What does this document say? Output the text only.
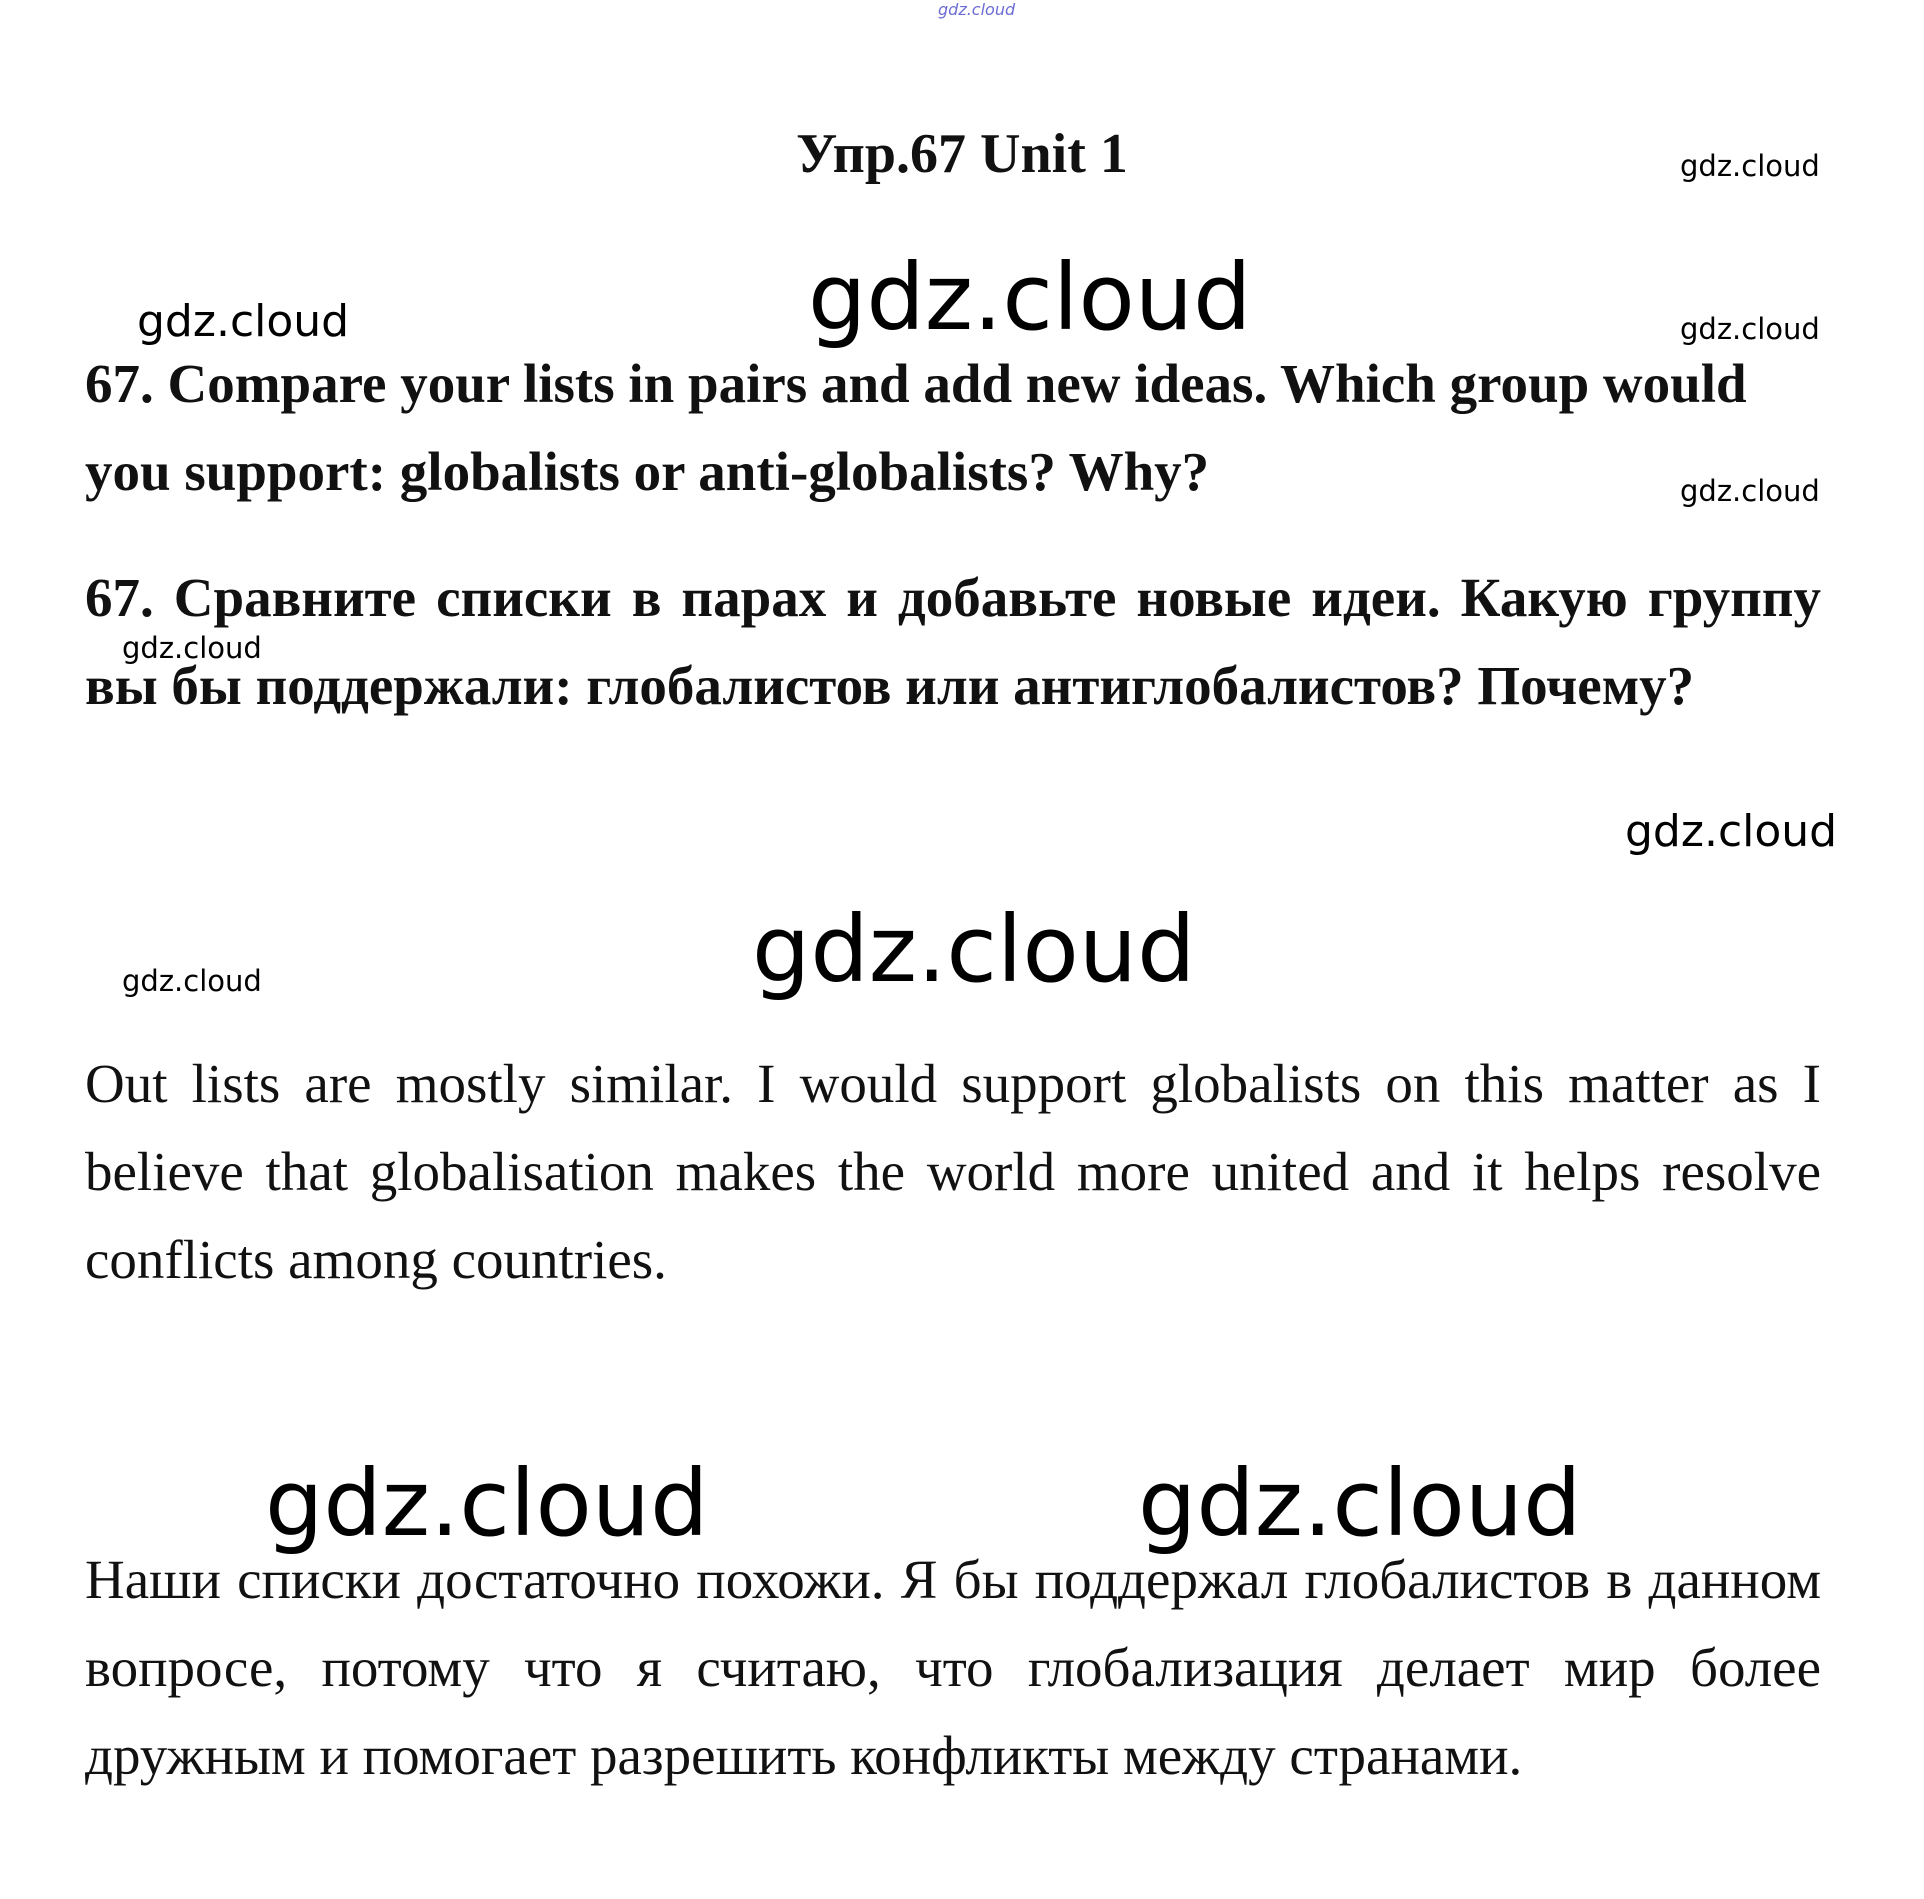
gdz.cloud
Упр.67 Unit 1	gdz.cloud
gdz.cloud
gdz.cloud	gdz.cloud

67. Compare your lists in pairs and add new ideas. Which group would you support: globalists or anti-globalists? Why?	gdz.cloud

67. Сравните списки в парах и добавьте новые идеи. Какую группу вы бы поддержали: глобалистов или антиглобалистов? Почему?

gdz.cloud
gdz.cloud
gdz.cloud
gdz.cloud

Out lists are mostly similar. I would support globalists on this matter as I believe that globalisation makes the world more united and it helps resolve conflicts among countries.

gdz.cloud	gdz.cloud

Наши списки достаточно похожи. Я бы поддержал глобалистов в данном вопросе, потому что я считаю, что глобализация делает мир более дружным и помогает разрешить конфликты между странами.
